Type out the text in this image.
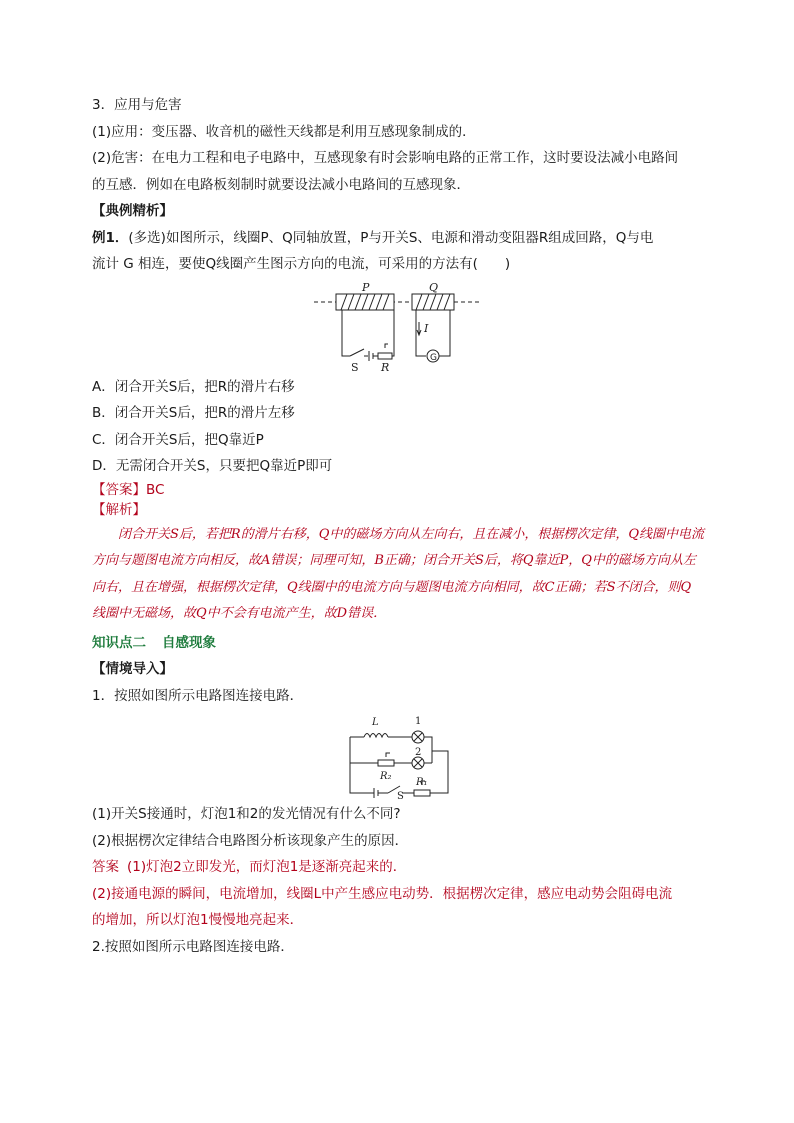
3．应用与危害
(1)应用：变压器、收音机的磁性天线都是利用互感现象制成的．
(2)危害：在电力工程和电子电路中，互感现象有时会影响电路的正常工作，这时要设法减小电路间
的互感．例如在电路板刻制时就要设法减小电路间的互感现象．
【典例精析】
例1．(多选)如图所示，线圈P、Q同轴放置，P与开关S、电源和滑动变阻器R组成回路，Q与电
流计 G 相连，要使Q线圈产生图示方向的电流，可采用的方法有(　　)
P	Q
I
S R
G
A．闭合开关S后，把R的滑片右移
B．闭合开关S后，把R的滑片左移
C．闭合开关S后，把Q靠近P
D．无需闭合开关S，只要把Q靠近P即可
【答案】BC
【解析】
闭合开关S后，若把R的滑片右移，Q中的磁场方向从左向右，且在减小，根据楞次定律，Q线圈中电流方向与题图电流方向相反，故A错误；同理可知，B正确；闭合开关S后，将Q靠近P，Q中的磁场方向从左向右，且在增强，根据楞次定律，Q线圈中的电流方向与题图电流方向相同，故C正确；若S不闭合，则Q线圈中无磁场，故Q中不会有电流产生，故D错误．
知识点二 自感现象
【情境导入】
1．按照如图所示电路图连接电路．
L	1
2
R₂
S
R₁
(1)开关S接通时，灯泡1和2的发光情况有什么不同?
(2)根据楞次定律结合电路图分析该现象产生的原因．
答案 (1)灯泡2立即发光，而灯泡1是逐渐亮起来的．
(2)接通电源的瞬间，电流增加，线圈L中产生感应电动势．根据楞次定律，感应电动势会阻碍电流
的增加，所以灯泡1慢慢地亮起来．
2.按照如图所示电路图连接电路．
